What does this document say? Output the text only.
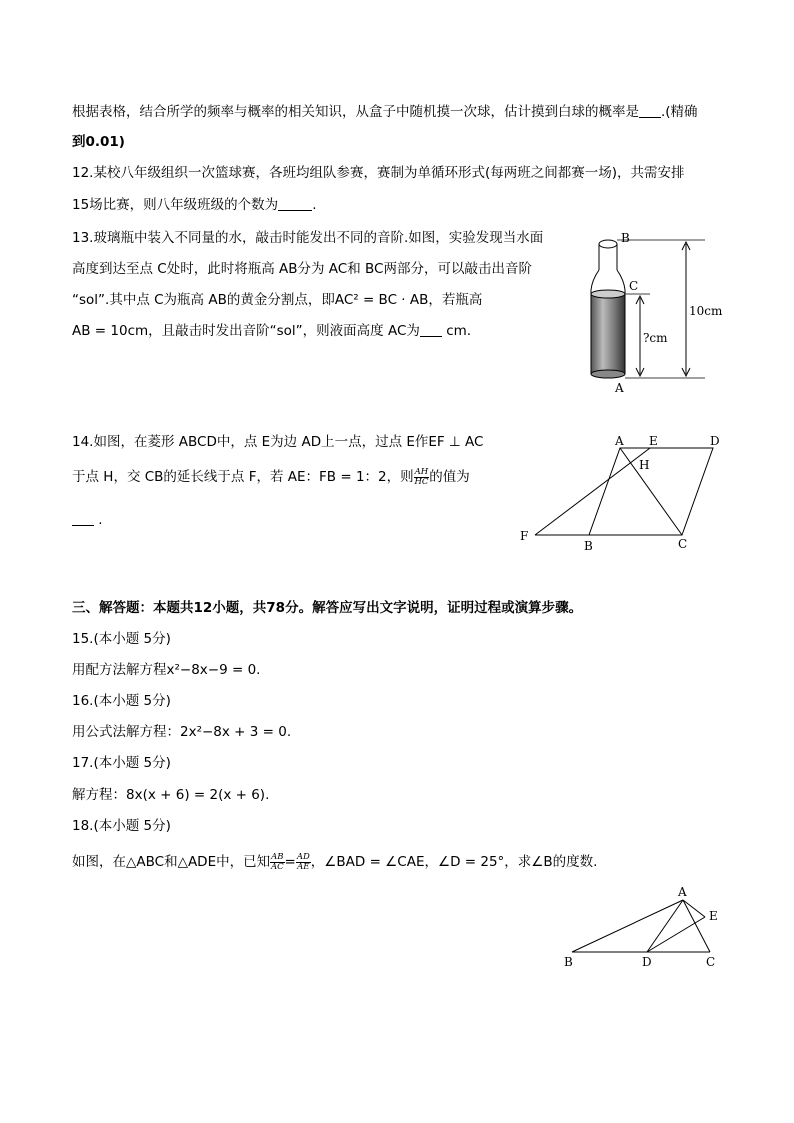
根据表格，结合所学的频率与概率的相关知识，从盒子中随机摸一次球，估计摸到白球的概率是 .(精确
到0.01)
12.某校八年级组织一次篮球赛，各班均组队参赛，赛制为单循环形式(每两班之间都赛一场)，共需安排
15场比赛，则八年级班级的个数为	.
13.玻璃瓶中装入不同量的水，敲击时能发出不同的音阶.如图，实验发现当水面
高度到达至点 C处时，此时将瓶高 AB分为 AC和 BC两部分，可以敲击出音阶
“sol”.其中点 C为瓶高 AB的黄金分割点，即AC² = BC · AB，若瓶高
AB = 10cm，且敲击时发出音阶“sol”，则液面高度 AC为 cm.
B
C
A
10cm
?cm
14.如图，在菱形 ABCD中，点 E为边 AD上一点，过点 E作EF ⊥ AC
于点 H，交 CB的延长线于点 F，若 AE：FB = 1：2，则 $\frac{AH}{HC}$ 的值为
.
A E	D
H
F
B	C
三、解答题：本题共12小题，共78分。解答应写出文字说明，证明过程或演算步骤。
15.(本小题 5分)
用配方法解方程x²−8x−9 = 0.
16.(本小题 5分)
用公式法解方程：2x²−8x + 3 = 0.
17.(本小题 5分)
解方程：8x(x + 6) = 2(x + 6).
18.(本小题 5分)
如图，在△ABC和△ADE中，已知 $\frac{AB}{AC} = \frac{AD}{AE}$ ，∠BAD = ∠CAE，∠D = 25°，求∠B的度数.
A
E
B	D	C
